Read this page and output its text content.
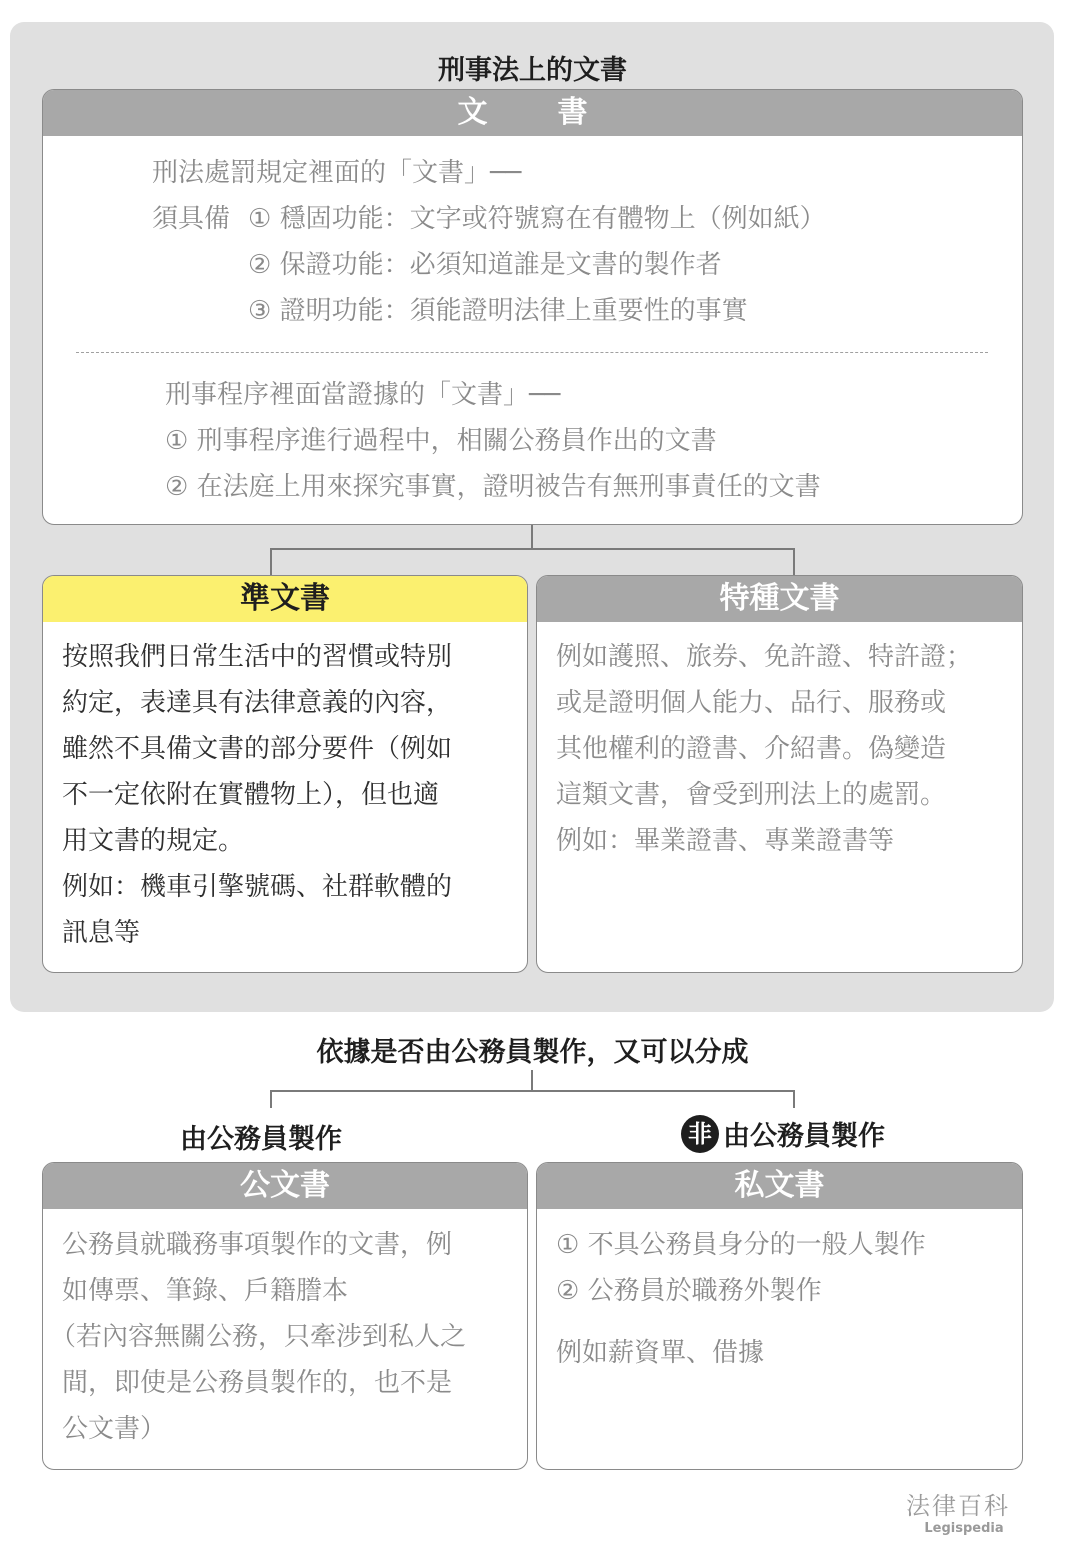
刑事法上的文書
文　書
刑法處罰規定裡面的「文書」──
須具備 ① 穩固功能：文字或符號寫在有體物上（例如紙）
② 保證功能：必須知道誰是文書的製作者
③ 證明功能：須能證明法律上重要性的事實
刑事程序裡面當證據的「文書」──
① 刑事程序進行過程中，相關公務員作出的文書
② 在法庭上用來探究事實，證明被告有無刑事責任的文書
準文書
按照我們日常生活中的習慣或特別
約定，表達具有法律意義的內容，
雖然不具備文書的部分要件（例如
不一定依附在實體物上），但也適
用文書的規定。
例如：機車引擎號碼、社群軟體的
訊息等
特種文書
例如護照、旅券、免許證、特許證；
或是證明個人能力、品行、服務或
其他權利的證書、介紹書。偽變造
這類文書，會受到刑法上的處罰。
例如：畢業證書、專業證書等
依據是否由公務員製作，又可以分成
由公務員製作	非 由公務員製作
公文書
公務員就職務事項製作的文書，例
如傳票、筆錄、戶籍謄本
（若內容無關公務，只牽涉到私人之
間，即使是公務員製作的，也不是
公文書）
私文書
① 不具公務員身分的一般人製作
② 公務員於職務外製作
例如薪資單、借據
法律百科
Legispedia
